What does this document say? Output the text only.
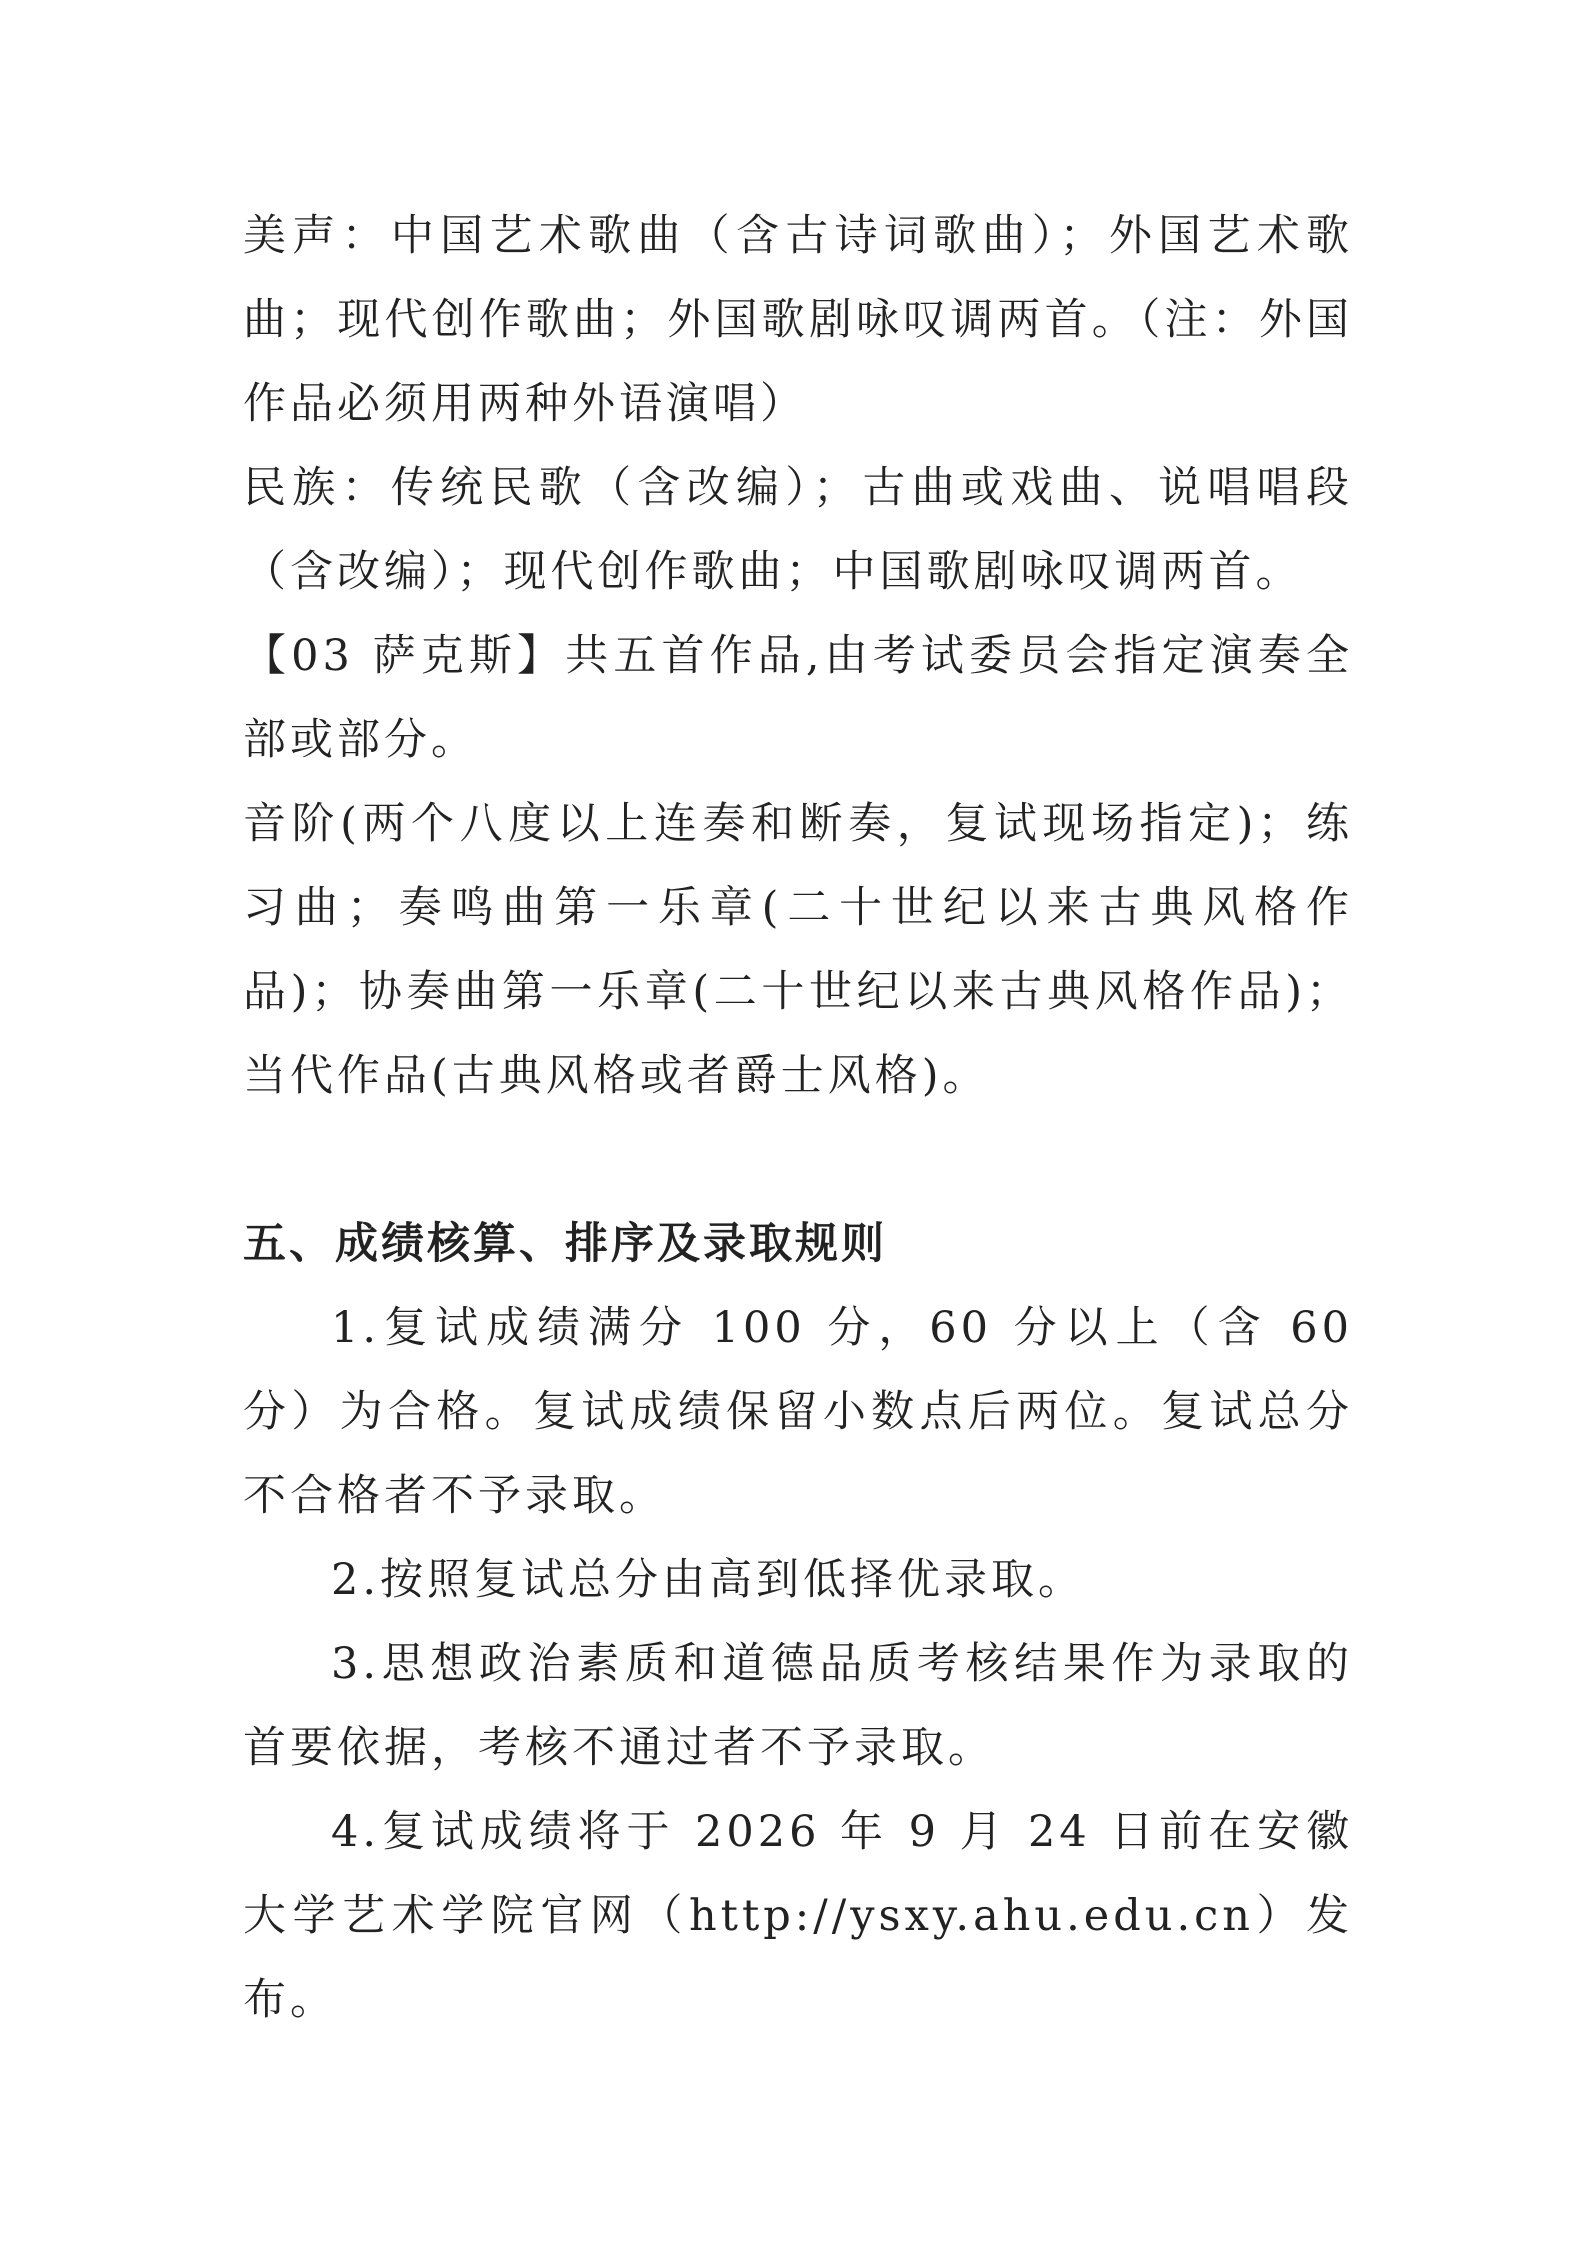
美声：中国艺术歌曲（含古诗词歌曲）；外国艺术歌曲；现代创作歌曲；外国歌剧咏叹调两首。（注：外国作品必须用两种外语演唱）

民族：传统民歌（含改编）；古曲或戏曲、说唱唱段（含改编）；现代创作歌曲；中国歌剧咏叹调两首。

【03 萨克斯】共五首作品,由考试委员会指定演奏全部或部分。

音阶(两个八度以上连奏和断奏，复试现场指定)；练习曲；奏鸣曲第一乐章(二十世纪以来古典风格作品)；协奏曲第一乐章(二十世纪以来古典风格作品)；当代作品(古典风格或者爵士风格)。

五、成绩核算、排序及录取规则

1.复试成绩满分 100 分，60 分以上（含 60 分）为合格。复试成绩保留小数点后两位。复试总分不合格者不予录取。

2.按照复试总分由高到低择优录取。

3.思想政治素质和道德品质考核结果作为录取的首要依据，考核不通过者不予录取。

4.复试成绩将于 2026 年 9 月 24 日前在安徽大学艺术学院官网（http://ysxy.ahu.edu.cn）发布。
